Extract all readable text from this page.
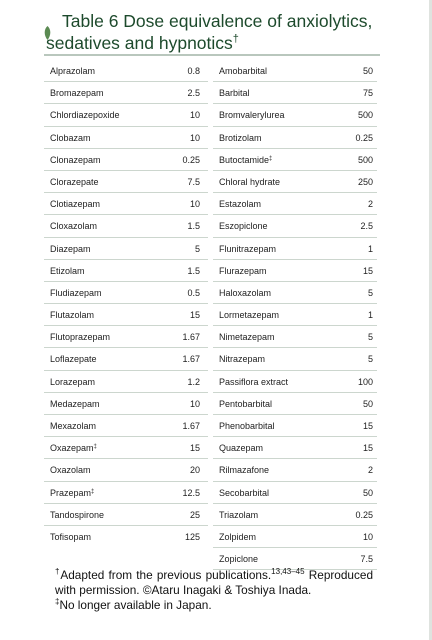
Table 6 Dose equivalence of anxiolytics,
sedatives and hypnotics†
Alprazolam	0.8
Bromazepam	2.5
Chlordiazepoxide	10
Clobazam	10
Clonazepam	0.25
Clorazepate	7.5
Clotiazepam	10
Cloxazolam	1.5
Diazepam	5
Etizolam	1.5
Fludiazepam	0.5
Flutazolam	15
Flutoprazepam	1.67
Loflazepate	1.67
Lorazepam	1.2
Medazepam	10
Mexazolam	1.67
Oxazepam‡	15
Oxazolam	20
Prazepam‡	12.5
Tandospirone	25
Tofisopam	125
Amobarbital	50
Barbital	75
Bromvalerylurea	500
Brotizolam	0.25
Butoctamide‡	500
Chloral hydrate	250
Estazolam	2
Eszopiclone	2.5
Flunitrazepam	1
Flurazepam	15
Haloxazolam	5
Lormetazepam	1
Nimetazepam	5
Nitrazepam	5
Passiflora extract	100
Pentobarbital	50
Phenobarbital	15
Quazepam	15
Rilmazafone	2
Secobarbital	50
Triazolam	0.25
Zolpidem	10
Zopiclone	7.5

†Adapted from the previous publications.$^{13,43-45}$ Reproduced with permission. ©Ataru Inagaki & Toshiya Inada.

‡No longer available in Japan.
